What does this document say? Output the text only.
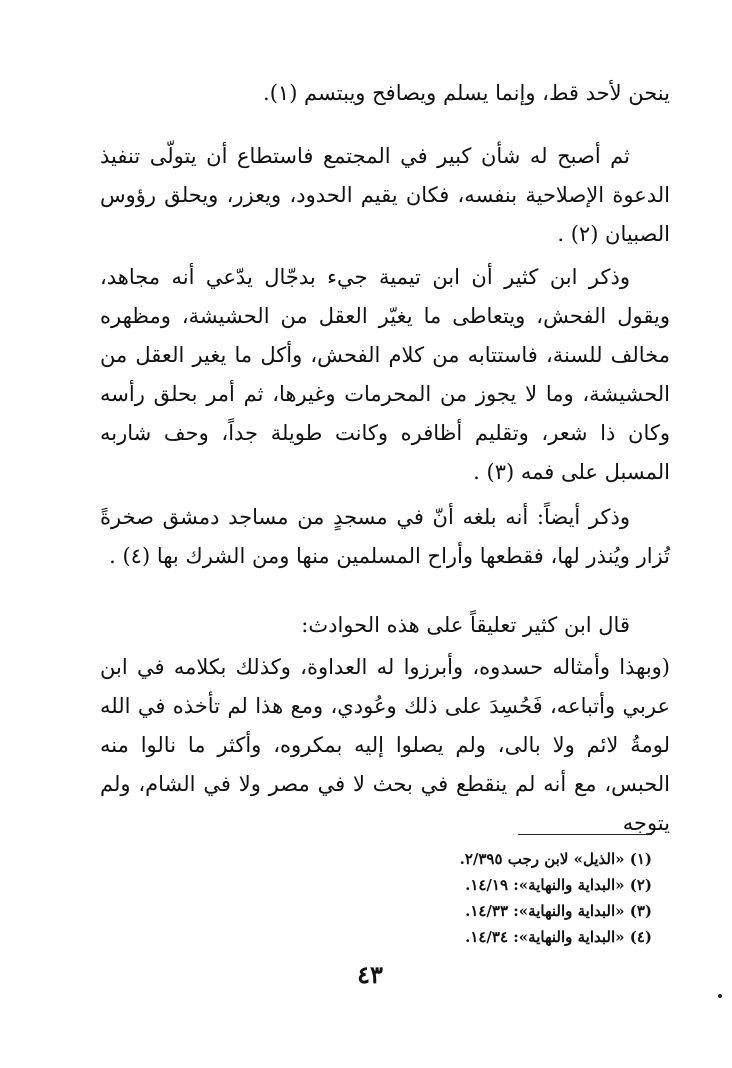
ينحن لأحد قط، وإنما يسلم ويصافح ويبتسم (١).

ثم أصبح له شأن كبير في المجتمع فاستطاع أن يتولّى تنفيذ الدعوة الإصلاحية بنفسه، فكان يقيم الحدود، ويعزر، ويحلق رؤوس الصبيان (٢) .

وذكر ابن كثير أن ابن تيمية جيء بدجّال يدّعي أنه مجاهد، ويقول الفحش، ويتعاطى ما يغيّر العقل من الحشيشة، ومظهره مخالف للسنة، فاستتابه من كلام الفحش، وأكل ما يغير العقل من الحشيشة، وما لا يجوز من المحرمات وغيرها، ثم أمر بحلق رأسه وكان ذا شعر، وتقليم أظافره وكانت طويلة جداً، وحف شاربه المسبل على فمه (٣) .

وذكر أيضاً: أنه بلغه أنّ في مسجدٍ من مساجد دمشق صخرةً تُزار ويُنذر لها، فقطعها وأراح المسلمين منها ومن الشرك بها (٤) .

قال ابن كثير تعليقاً على هذه الحوادث:

(وبهذا وأمثاله حسدوه، وأبرزوا له العداوة، وكذلك بكلامه في ابن عربي وأتباعه، فَحُسِدَ على ذلك وعُودي، ومع هذا لم تأخذه في الله لومةُ لائم ولا بالى، ولم يصلوا إليه بمكروه، وأكثر ما نالوا منه الحبس، مع أنه لم ينقطع في بحث لا في مصر ولا في الشام، ولم يتوجه

(١) «الذيل» لابن رجب ٢/٣٩٥.
(٢) «البداية والنهاية»: ١٤/١٩.
(٣) «البداية والنهاية»: ١٤/٣٣.
(٤) «البداية والنهاية»: ١٤/٣٤.
٤٣
